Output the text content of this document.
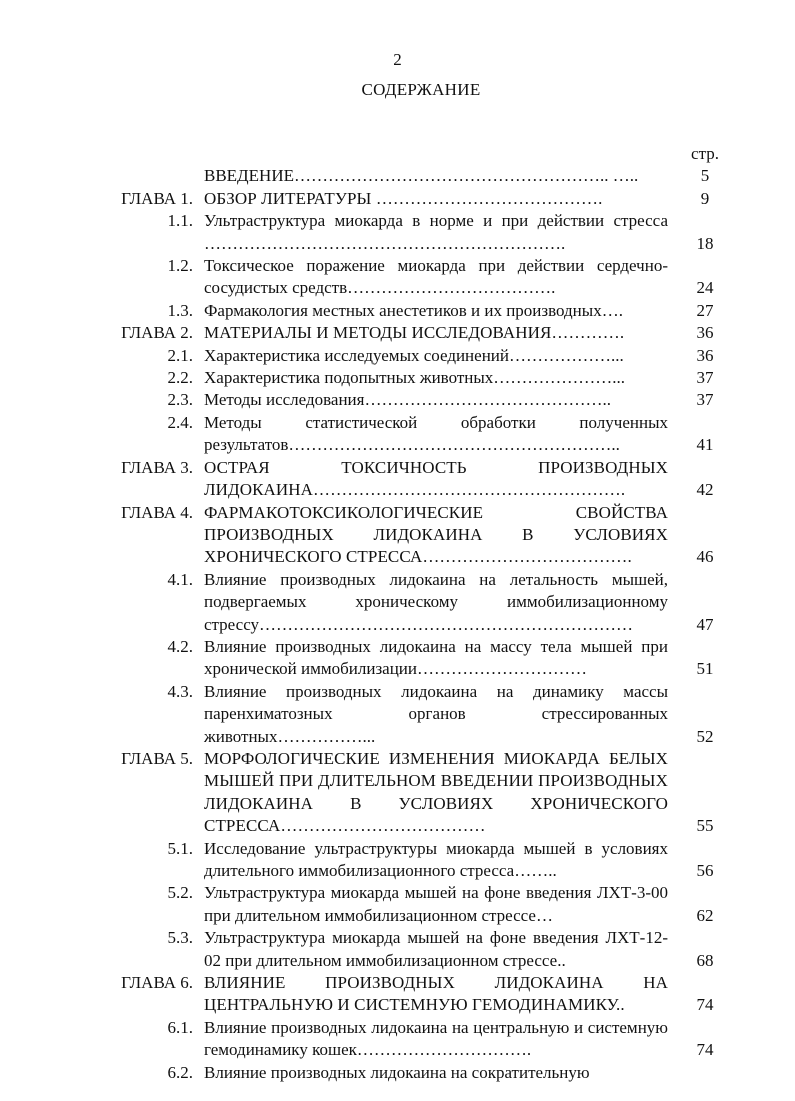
2
СОДЕРЖАНИЕ
		стр.
	ВВЕДЕНИЕ……………………………………………….. …..	5
ГЛАВА 1.	ОБЗОР ЛИТЕРАТУРЫ ………………………………….	9
1.1.	Ультраструктура миокарда в норме и при действии стресса ……………………………………………………….	18
1.2.	Токсическое поражение миокарда при действии сердечно-сосудистых средств……………………………….	24
1.3.	Фармакология местных анестетиков и их производных….	27
ГЛАВА 2.	МАТЕРИАЛЫ И МЕТОДЫ ИССЛЕДОВАНИЯ………….	36
2.1.	Характеристика исследуемых соединений………………...	36
2.2.	Характеристика подопытных животных…………………...	37
2.3.	Методы исследования……………………………………..	37
2.4.	Методы статистической обработки полученных результатов…………………………………………………..	41
ГЛАВА 3.	ОСТРАЯ ТОКСИЧНОСТЬ ПРОИЗВОДНЫХ ЛИДОКАИНА……………………………………………….	42
ГЛАВА 4.	ФАРМАКОТОКСИКОЛОГИЧЕСКИЕ СВОЙСТВА ПРОИЗВОДНЫХ ЛИДОКАИНА В УСЛОВИЯХ ХРОНИЧЕСКОГО СТРЕССА……………………………….	46
4.1.	Влияние производных лидокаина на летальность мышей, подвергаемых хроническому иммобилизационному стрессу…………………………………………………………	47
4.2.	Влияние производных лидокаина на массу тела мышей при хронической иммобилизации…………………………	51
4.3.	Влияние производных лидокаина на динамику массы паренхиматозных органов стрессированных животных……………...	52
ГЛАВА 5.	МОРФОЛОГИЧЕСКИЕ ИЗМЕНЕНИЯ МИОКАРДА БЕЛЫХ МЫШЕЙ ПРИ ДЛИТЕЛЬНОМ ВВЕДЕНИИ ПРОИЗВОДНЫХ ЛИДОКАИНА В УСЛОВИЯХ ХРОНИЧЕСКОГО СТРЕССА………………………………	55
5.1.	Исследование ультраструктуры миокарда мышей в условиях длительного иммобилизационного стресса……..	56
5.2.	Ультраструктура миокарда мышей на фоне введения ЛХТ-3-00 при длительном иммобилизационном стрессе…	62
5.3.	Ультраструктура миокарда мышей на фоне введения ЛХТ-12-02 при длительном иммобилизационном стрессе..	68
ГЛАВА 6.	ВЛИЯНИЕ ПРОИЗВОДНЫХ ЛИДОКАИНА НА ЦЕНТРАЛЬНУЮ И СИСТЕМНУЮ ГЕМОДИНАМИКУ..	74
6.1.	Влияние производных лидокаина на центральную и системную гемодинамику кошек………………………….	74
6.2.	Влияние производных лидокаина на сократительную	
